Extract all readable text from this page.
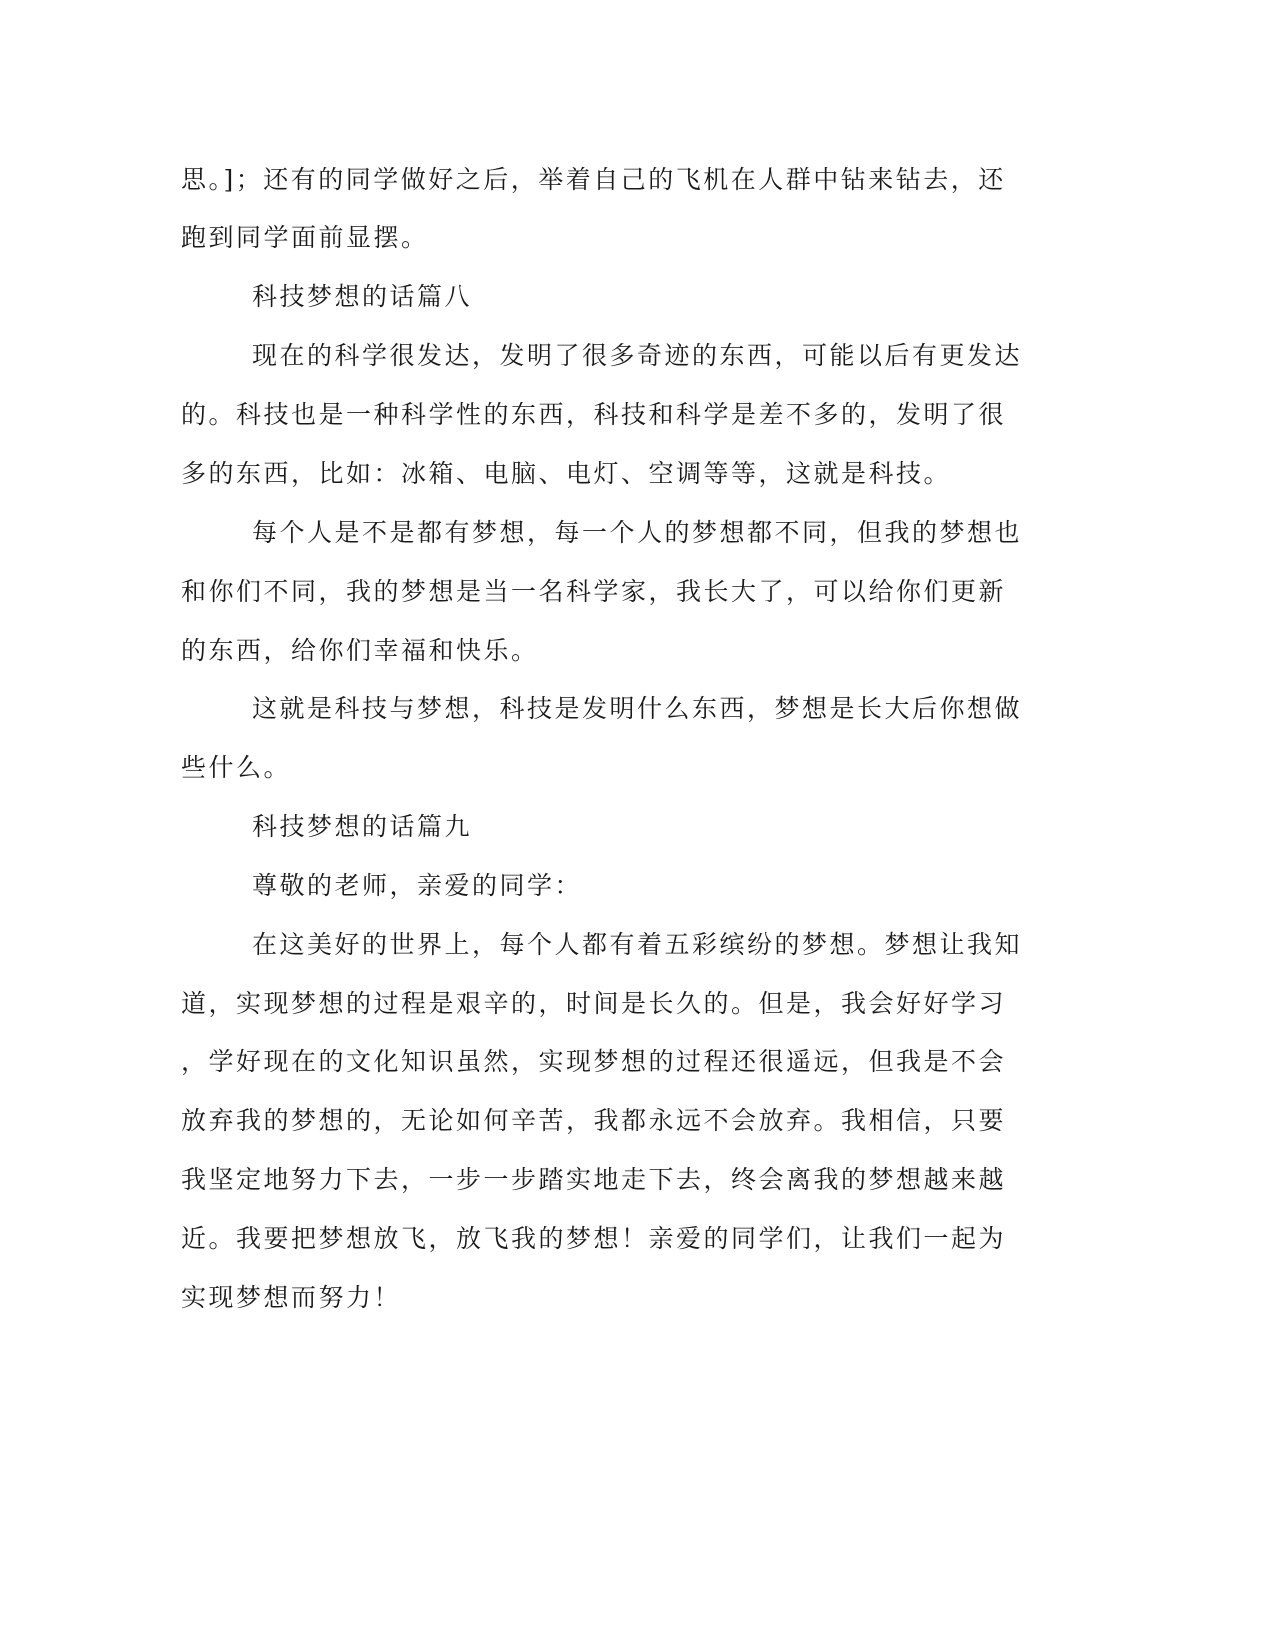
思。]；还有的同学做好之后，举着自己的飞机在人群中钻来钻去，还
跑到同学面前显摆。
科技梦想的话篇八
现在的科学很发达，发明了很多奇迹的东西，可能以后有更发达
的。科技也是一种科学性的东西，科技和科学是差不多的，发明了很
多的东西，比如：冰箱、电脑、电灯、空调等等，这就是科技。
每个人是不是都有梦想，每一个人的梦想都不同，但我的梦想也
和你们不同，我的梦想是当一名科学家，我长大了，可以给你们更新
的东西，给你们幸福和快乐。
这就是科技与梦想，科技是发明什么东西，梦想是长大后你想做
些什么。
科技梦想的话篇九
尊敬的老师，亲爱的同学：
在这美好的世界上，每个人都有着五彩缤纷的梦想。梦想让我知
道，实现梦想的过程是艰辛的，时间是长久的。但是，我会好好学习
，学好现在的文化知识虽然，实现梦想的过程还很遥远，但我是不会
放弃我的梦想的，无论如何辛苦，我都永远不会放弃。我相信，只要
我坚定地努力下去，一步一步踏实地走下去，终会离我的梦想越来越
近。我要把梦想放飞，放飞我的梦想！亲爱的同学们，让我们一起为
实现梦想而努力！
